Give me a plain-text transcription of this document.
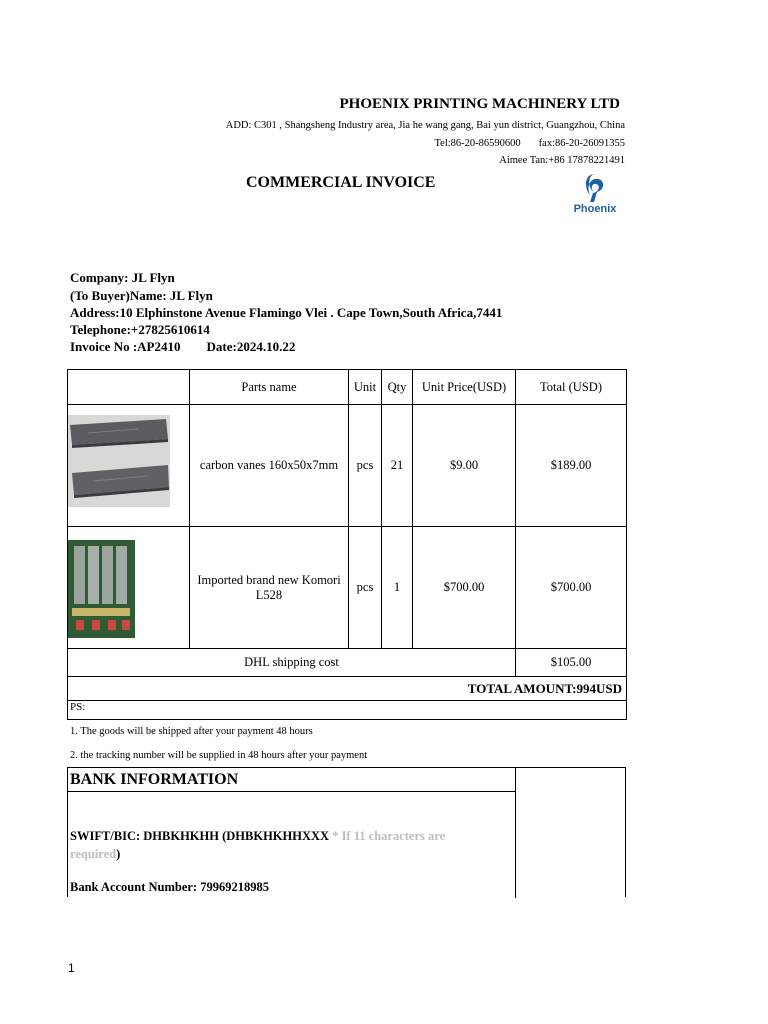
PHOENIX PRINTING MACHINERY LTD
ADD: C301 , Shangsheng Industry area, Jia he wang gang, Bai yun district, Guangzhou, China
Tel:86-20-86590600 fax:86-20-26091355
Aimee Tan:+86 17878221491
COMMERCIAL INVOICE
Phoenix
Company: JL Flyn
(To Buyer)Name: JL Flyn
Address:10 Elphinstone Avenue Flamingo Vlei . Cape Town,South Africa,7441
Telephone:+27825610614
Invoice No :AP2410 Date:2024.10.22
	Parts name	Unit	Qty	Unit Price(USD)	Total (USD)

	carbon vanes 160x50x7mm	pcs	21	$9.00	$189.00

	Imported brand new Komori L528	pcs	1	$700.00	$700.00
DHL shipping cost					$105.00
TOTAL AMOUNT:994USD					
PS:					
1. The goods will be shipped after your payment 48 hours
2. the tracking number will be supplied in 48 hours after your payment
BANK INFORMATION
SWIFT/BIC: DHBKHKHH (DHBKHKHHXXX * If 11 characters are required)
Bank Account Number: 79969218985
1
